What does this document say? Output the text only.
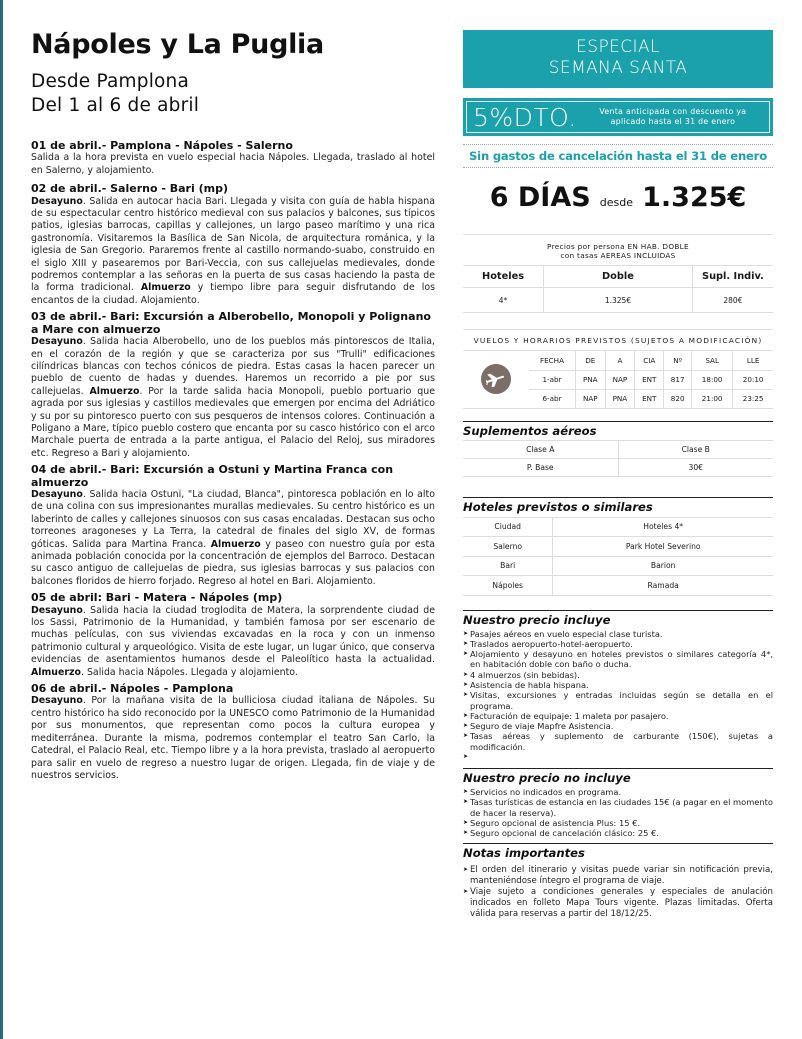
Nápoles y La Puglia
Desde Pamplona
Del 1 al 6 de abril
01 de abril.- Pamplona - Nápoles - Salerno
Salida a la hora prevista en vuelo especial hacia Nápoles. Llegada, traslado al hotel en Salerno, y alojamiento.
02 de abril.- Salerno - Bari (mp)
Desayuno. Salida en autocar hacia Bari. Llegada y visita con guía de habla hispana de su espectacular centro histórico medieval con sus palacios y balcones, sus típicos patios, iglesias barrocas, capillas y callejones, un largo paseo marítimo y una rica gastronomía. Visitaremos la Basílica de San Nicola, de arquitectura románica, y la iglesia de San Gregorio. Pararemos frente al castillo normando-suabo, construido en el siglo XIII y pasearemos por Bari-Veccia, con sus callejuelas medievales, donde podremos contemplar a las señoras en la puerta de sus casas haciendo la pasta de la forma tradicional. Almuerzo y tiempo libre para seguir disfrutando de los encantos de la ciudad. Alojamiento.
03 de abril.- Bari: Excursión a Alberobello, Monopoli y Polignano a Mare con almuerzo
Desayuno. Salida hacia Alberobello, uno de los pueblos más pintorescos de Italia, en el corazón de la región y que se caracteriza por sus "Trulli" edificaciones cilíndricas blancas con techos cónicos de piedra. Estas casas la hacen parecer un pueblo de cuento de hadas y duendes. Haremos un recorrido a pie por sus callejuelas. Almuerzo. Por la tarde salida hacia Monopoli, pueblo portuario que agrada por sus iglesias y castillos medievales que emergen por encima del Adriático y su por su pintoresco puerto con sus pesqueros de intensos colores. Continuación a Poligano a Mare, típico pueblo costero que encanta por su casco histórico con el arco Marchale puerta de entrada a la parte antigua, el Palacio del Reloj, sus miradores etc. Regreso a Bari y alojamiento.
04 de abril.- Bari: Excursión a Ostuni y Martina Franca con almuerzo
Desayuno. Salida hacia Ostuni, "La ciudad, Blanca", pintoresca población en lo alto de una colina con sus impresionantes murallas medievales. Su centro histórico es un laberinto de calles y callejones sinuosos con sus casas encaladas. Destacan sus ocho torreones aragoneses y La Terra, la catedral de finales del siglo XV, de formas góticas. Salida para Martina Franca. Almuerzo y paseo con nuestro guía por esta animada población conocida por la concentración de ejemplos del Barroco. Destacan su casco antiguo de callejuelas de piedra, sus iglesias barrocas y sus palacios con balcones floridos de hierro forjado. Regreso al hotel en Bari. Alojamiento.
05 de abril: Bari - Matera - Nápoles (mp)
Desayuno. Salida hacia la ciudad troglodita de Matera, la sorprendente ciudad de los Sassi, Patrimonio de la Humanidad, y también famosa por ser escenario de muchas películas, con sus viviendas excavadas en la roca y con un inmenso patrimonio cultural y arqueológico. Visita de este lugar, un lugar único, que conserva evidencias de asentamientos humanos desde el Paleolítico hasta la actualidad. Almuerzo. Salida hacia Nápoles. Llegada y alojamiento.
06 de abril.- Nápoles - Pamplona
Desayuno. Por la mañana visita de la bulliciosa ciudad italiana de Nápoles. Su centro histórico ha sido reconocido por la UNESCO como Patrimonio de la Humanidad por sus monumentos, que representan como pocos la cultura europea y mediterránea. Durante la misma, podremos contemplar el teatro San Carlo, la Catedral, el Palacio Real, etc. Tiempo libre y a la hora prevista, traslado al aeropuerto para salir en vuelo de regreso a nuestro lugar de origen. Llegada, fin de viaje y de nuestros servicios.
ESPECIAL
SEMANA SANTA
5%DTO.	Venta anticipada con descuento ya
aplicado hasta el 31 de enero
Sin gastos de cancelación hasta el 31 de enero
6 DÍAS desde 1.325€
Precios por persona EN HAB. DOBLE
con tasas AEREAS INCLUIDAS		
Hoteles	Doble	Supl. Indiv.
4*	1.325€	280€
VUELOS Y HORARIOS PREVISTOS (SUJETOS A MODIFICACIÓN)
	FECHA	DE	A	CIA	Nº	SAL	LLE
	1-abr	PNA	NAP	ENT	817	18:00	20:10
	6-abr	NAP	PNA	ENT	820	21:00	23:25
Suplementos aéreos
Clase A	Clase B
P. Base	30€
Hoteles previstos o similares
Ciudad	Hoteles 4*
Salerno	Park Hotel Severino
Bari	Barion
Nápoles	Ramada
Nuestro precio incluye
➤ Pasajes aéreos en vuelo especial clase turista.
➤ Traslados aeropuerto-hotel-aeropuerto.
➤ Alojamiento y desayuno en hoteles previstos o similares categoría 4*, en habitación doble con baño o ducha.
➤ 4 almuerzos (sin bebidas).
➤ Asistencia de habla hispana.
➤ Visitas, excursiones y entradas incluidas según se detalla en el programa.
➤ Facturación de equipaje: 1 maleta por pasajero.
➤ Seguro de viaje Mapfre Asistencia.
➤ Tasas aéreas y suplemento de carburante (150€), sujetas a modificación.
➤
Nuestro precio no incluye
➤ Servicios no indicados en programa.
➤ Tasas turísticas de estancia en las ciudades 15€ (a pagar en el momento de hacer la reserva).
➤ Seguro opcional de asistencia Plus: 15 €.
➤ Seguro opcional de cancelación clásico: 25 €.
Notas importantes
➤ El orden del itinerario y visitas puede variar sin notificación previa, manteniéndose íntegro el programa de viaje.
➤ Viaje sujeto a condiciones generales y especiales de anulación indicados en folleto Mapa Tours vigente. Plazas limitadas. Oferta válida para reservas a partir del 18/12/25.
